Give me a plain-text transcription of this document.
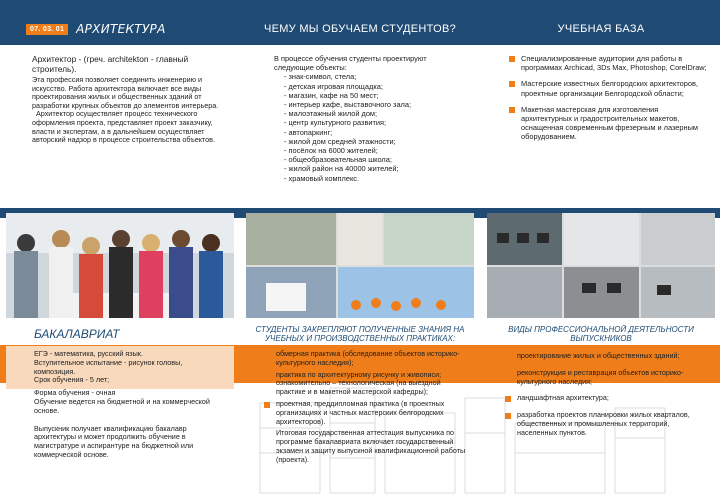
07. 03. 01	АРХИТЕКТУРА

Архитектор - (греч. architekton - главный строитель).

Эта профессия позволяет соединить инженерию и искусство. Работа архитектора включает все виды проектирования жилых и общественных зданий от разработки крупных объектов до элементов интерьера.

Архитектор осуществляет процесс технического оформления проекта, представляет проект заказчику, власти и экспертам, а в дальнейшем осуществляет авторский надзор в процессе строительства объектов.

БАКАЛАВРИАТ

ЕГЭ - математика, русский язык.

Вступительное испытание - рисунок головы, композиция.

Срок обучения - 5 лет;

Форма обучения - очная

Обучение ведется на бюджетной и на коммерческой основе.

Выпускник получает квалификацию бакалавр архитектуры и может продолжить обучение в магистратуре и аспирантуре на бюджетной или коммерческой основе.

ЧЕМУ МЫ ОБУЧАЕМ СТУДЕНТОВ?

В процессе обучения студенты проектируют следующие объекты:

- знак-символ, стела;
- детская игровая площадка;
- магазин, кафе на 50 мест;
- интерьер кафе, выставочного зала;
- малоэтажный жилой дом;
- центр культурного развития;
- автопаркинг;
- жилой дом средней этажности;
- посёлок на 6000 жителей;
- общеобразовательная школа;
- жилой район на 40000 жителей;
- храмовый комплекс.
СТУДЕНТЫ ЗАКРЕПЛЯЮТ ПОЛУЧЕННЫЕ ЗНАНИЯ НА УЧЕБНЫХ И ПРОИЗВОДСТВЕННЫХ ПРАКТИКАХ:
обмерная практика (обследование объектов историко-культурного наследия);
практика по архитектурному рисунку и живописи; ознакомительно – технологическая (на выездной практике и в макетной мастерской кафедры);
проектная, преддипломная практика (в проектных организациях и частных мастерских белгородских архитекторов).

Итоговая государственная аттестация выпускника по программе бакалавриата включает государственный экзамен и защиту выпускной квалификационной работы (проекта).

УЧЕБНАЯ БАЗА
Специализированные аудитории для работы в программах Archicad, 3Ds Max, Photoshop, CorelDraw;
Мастерские известных белгородских архитекторов, проектные организации Белгородской области;
Макетная мастерская для изготовления архитектурных и градостроительных макетов, оснащенная современным фрезерным и лазерным оборудованием.
ВИДЫ ПРОФЕССИОНАЛЬНОЙ ДЕЯТЕЛЬНОСТИ ВЫПУСКНИКОВ
проектирование жилых и общественных зданий;
реконструкция и реставрация объектов историко-культурного наследия;
ландшафтная архитектура;
разработка проектов планировки жилых кварталов, общественных и промышленных территорий, населенных пунктов.
